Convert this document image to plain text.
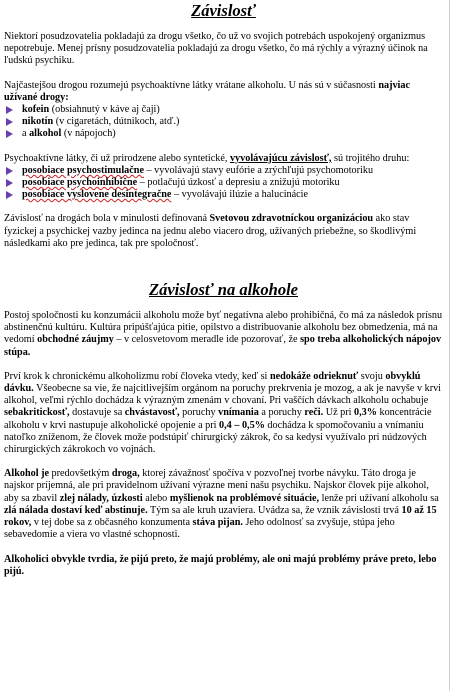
Závislosť

Niektorí posudzovatelia pokladajú za drogu všetko, čo už vo svojich potrebách uspokojený organizmus nepotrebuje. Menej prísny posudzovatelia pokladajú za drogu všetko, čo má rýchly a výrazný účinok na ľudskú psychiku.

Najčastejšou drogou rozumejú psychoaktívne látky vrátane alkoholu. U nás sú v súčasnosti najviac užívané drogy:

kofein (obsiahnutý v káve aj čaji)
nikotín (v cigaretách, dútnikoch, atď.)
a alkohol (v nápojoch)

Psychoaktívne látky, či už prirodzene alebo syntetické, vyvolávajúcu závislosť, sú trojitého druhu:

posobiace psychostimulačne – vyvolávajú stavy eufórie a zrýchľujú psychomotoriku
posobiace psychoinhibične – potlačujú úzkosť a depresiu a znižujú motoriku
posobiace vyslovene desintegračne – vyvolávajú ilúzie a halucinácie

Závislosť na drogách bola v minulosti definovaná Svetovou zdravotníckou organizáciou ako stav fyzickej a psychickej vazby jedinca na jednu alebo viacero drog, užívaných priebežne, so škodlivými následkami ako pre jedinca, tak pre spoločnosť.

Závislosť na alkohole

Postoj spoločnosti ku konzumácii alkoholu može byť negatívna alebo prohibičná, čo má za následok prísnu abstinenčnú kultúru. Kultúra pripúšťajúca pitie, opilstvo a distribuovanie alkoholu bez obmedzenia, má na vedomí obchodné záujmy – v celosvetovom meradle ide pozorovať, že spo treba alkoholických nápojov stúpa.

Prví krok k chronickému alkoholizmu robí človeka vtedy, keď si nedokáže odrieknuť svoju obvyklú dávku. Všeobecne sa vie, že najcitlivejším orgánom na poruchy prekrvenia je mozog, a ak je navyše v krvi alkohol, veľmi rýchlo dochádza k výrazným zmenám v chovaní. Pri vaščích dávkach alkoholu ochabuje sebakritickosť, dostavuje sa chvástavosť, poruchy vnímania a poruchy reči. Už pri 0,3% koncentrácie alkoholu v krvi nastupuje alkoholické opojenie a pri 0,4 – 0,5% dochádza k spomočovaniu a vnímaniu natoľko zníženom, že človek može podstúpiť chirurgický zákrok, čo sa kedysi využívalo pri núdzových chirurgických zákrokoch vo vojnách.

Alkohol je predovšetkým droga, ktorej závažnosť spočíva v pozvoľnej tvorbe návyku. Táto droga je najskor príjemná, ale pri pravidelnom užívaní výrazne mení našu psychiku. Najskor človek pije alkohol, aby sa zbavil zlej nálady, úzkosti alebo myšlienok na problémové situácie, lenže pri užívaní alkoholu sa zlá nálada dostaví keď abstinuje. Tým sa ale kruh uzaviera. Uvádza sa, že vznik závislosti trvá 10 až 15 rokov, v tej dobe sa z občasného konzumenta stáva pijan. Jeho odolnosť sa zvyšuje, stúpa jeho sebavedomie a viera vo vlastné schopnosti.

Alkoholici obvykle tvrdia, že pijú preto, že majú problémy, ale oni majú problémy práve preto, lebo pijú.
